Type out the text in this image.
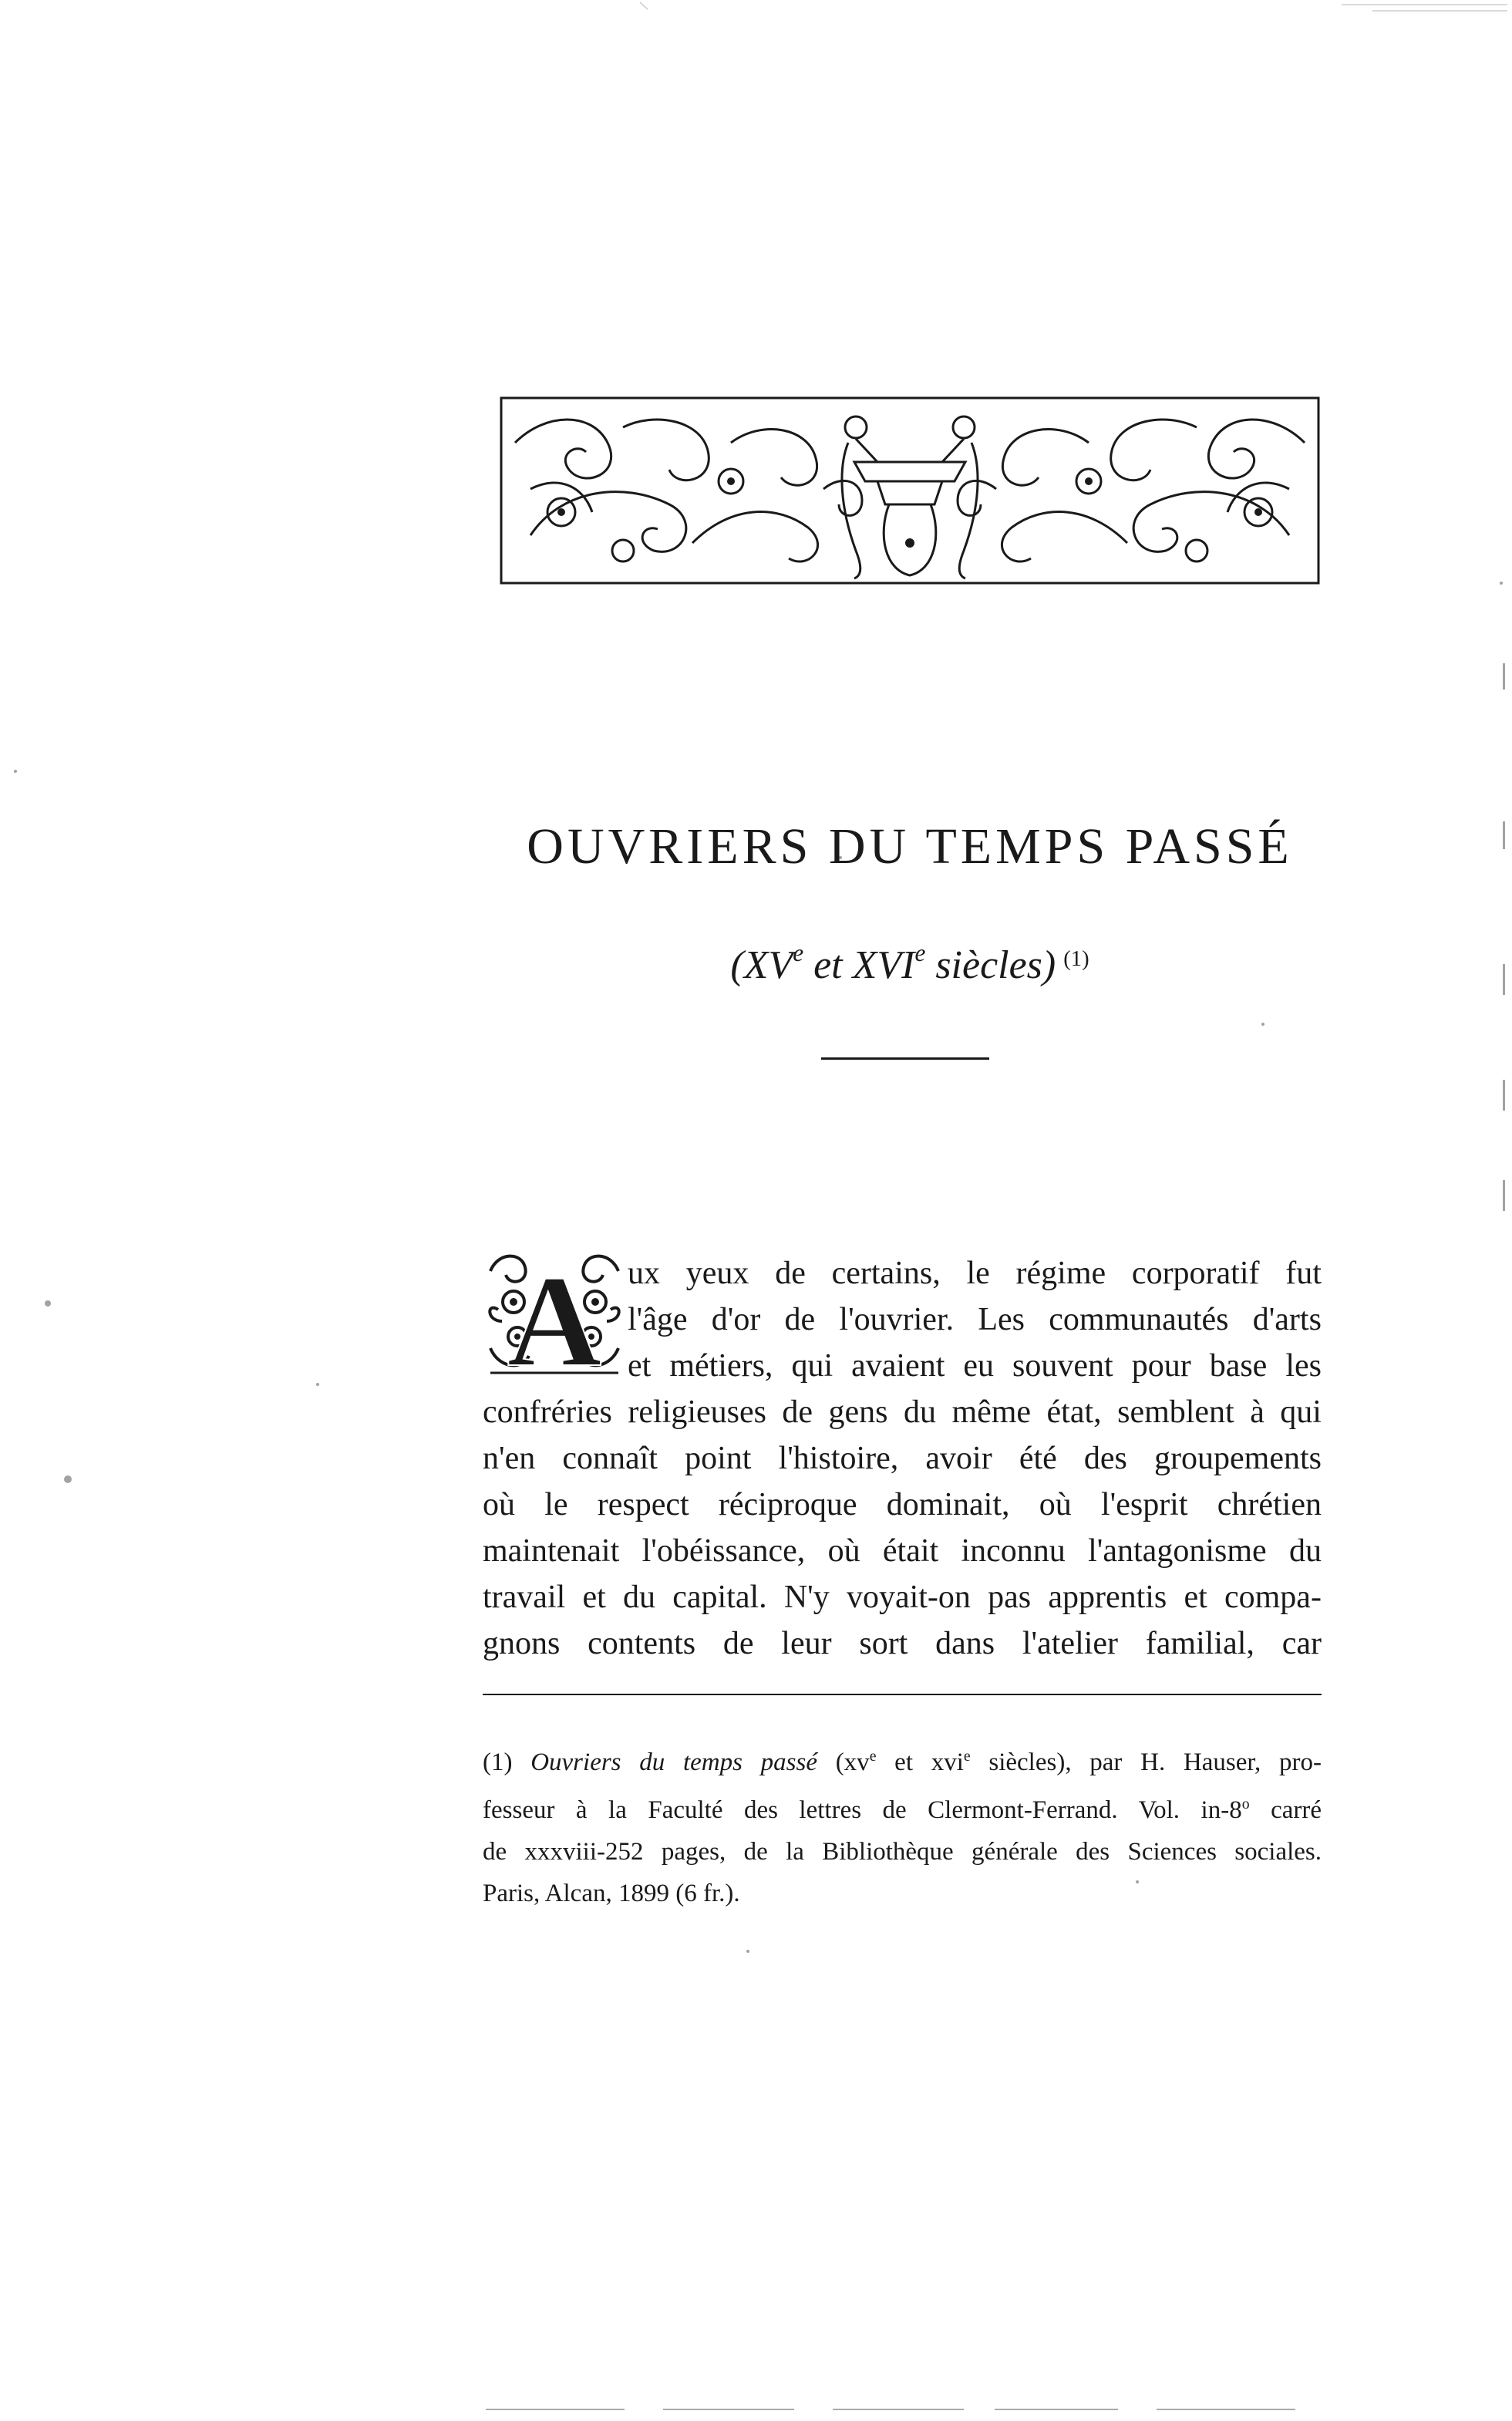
OUVRIERS DU TEMPS PASSÉ
(XVe et XVIe siècles) $^{(1)}$
A ux yeux de certains, le régime corporatif fut
l'âge d'or de l'ouvrier. Les communautés d'arts
et métiers, qui avaient eu souvent pour base les
confréries religieuses de gens du même état, semblent à qui
n'en connaît point l'histoire, avoir été des groupements
où le respect réciproque dominait, où l'esprit chrétien
maintenait l'obéissance, où était inconnu l'antagonisme du
travail et du capital. N'y voyait-on pas apprentis et compa-
gnons contents de leur sort dans l'atelier familial, car
(1) Ouvriers du temps passé ($xv^e$ et xvi$^e$ siècles), par H. Hauser, pro-
fesseur à la Faculté des lettres de Clermont-Ferrand. Vol. in-8$^o$ carré
de xxxviii-252 pages, de la Bibliothèque générale des Sciences sociales.
Paris, Alcan, 1899 (6 fr.).
